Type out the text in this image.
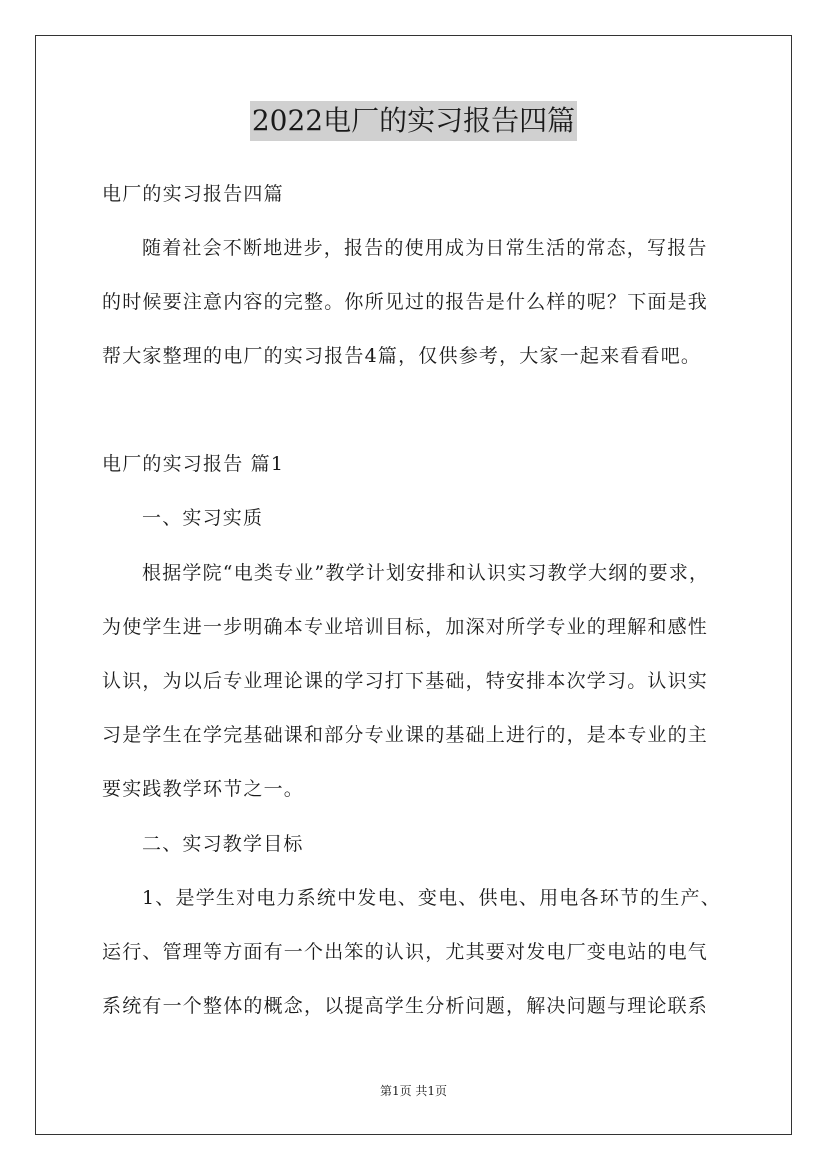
2022电厂的实习报告四篇
电厂的实习报告四篇
随着社会不断地进步，报告的使用成为日常生活的常态，写报告
的时候要注意内容的完整。你所见过的报告是什么样的呢？下面是我
帮大家整理的电厂的实习报告4篇，仅供参考，大家一起来看看吧。
电厂的实习报告 篇1
一、实习实质
根据学院“电类专业”教学计划安排和认识实习教学大纲的要求，
为使学生进一步明确本专业培训目标，加深对所学专业的理解和感性
认识，为以后专业理论课的学习打下基础，特安排本次学习。认识实
习是学生在学完基础课和部分专业课的基础上进行的，是本专业的主
要实践教学环节之一。
二、实习教学目标
1、是学生对电力系统中发电、变电、供电、用电各环节的生产、
运行、管理等方面有一个出笨的认识，尤其要对发电厂变电站的电气
系统有一个整体的概念，以提高学生分析问题，解决问题与理论联系
第1页 共1页
